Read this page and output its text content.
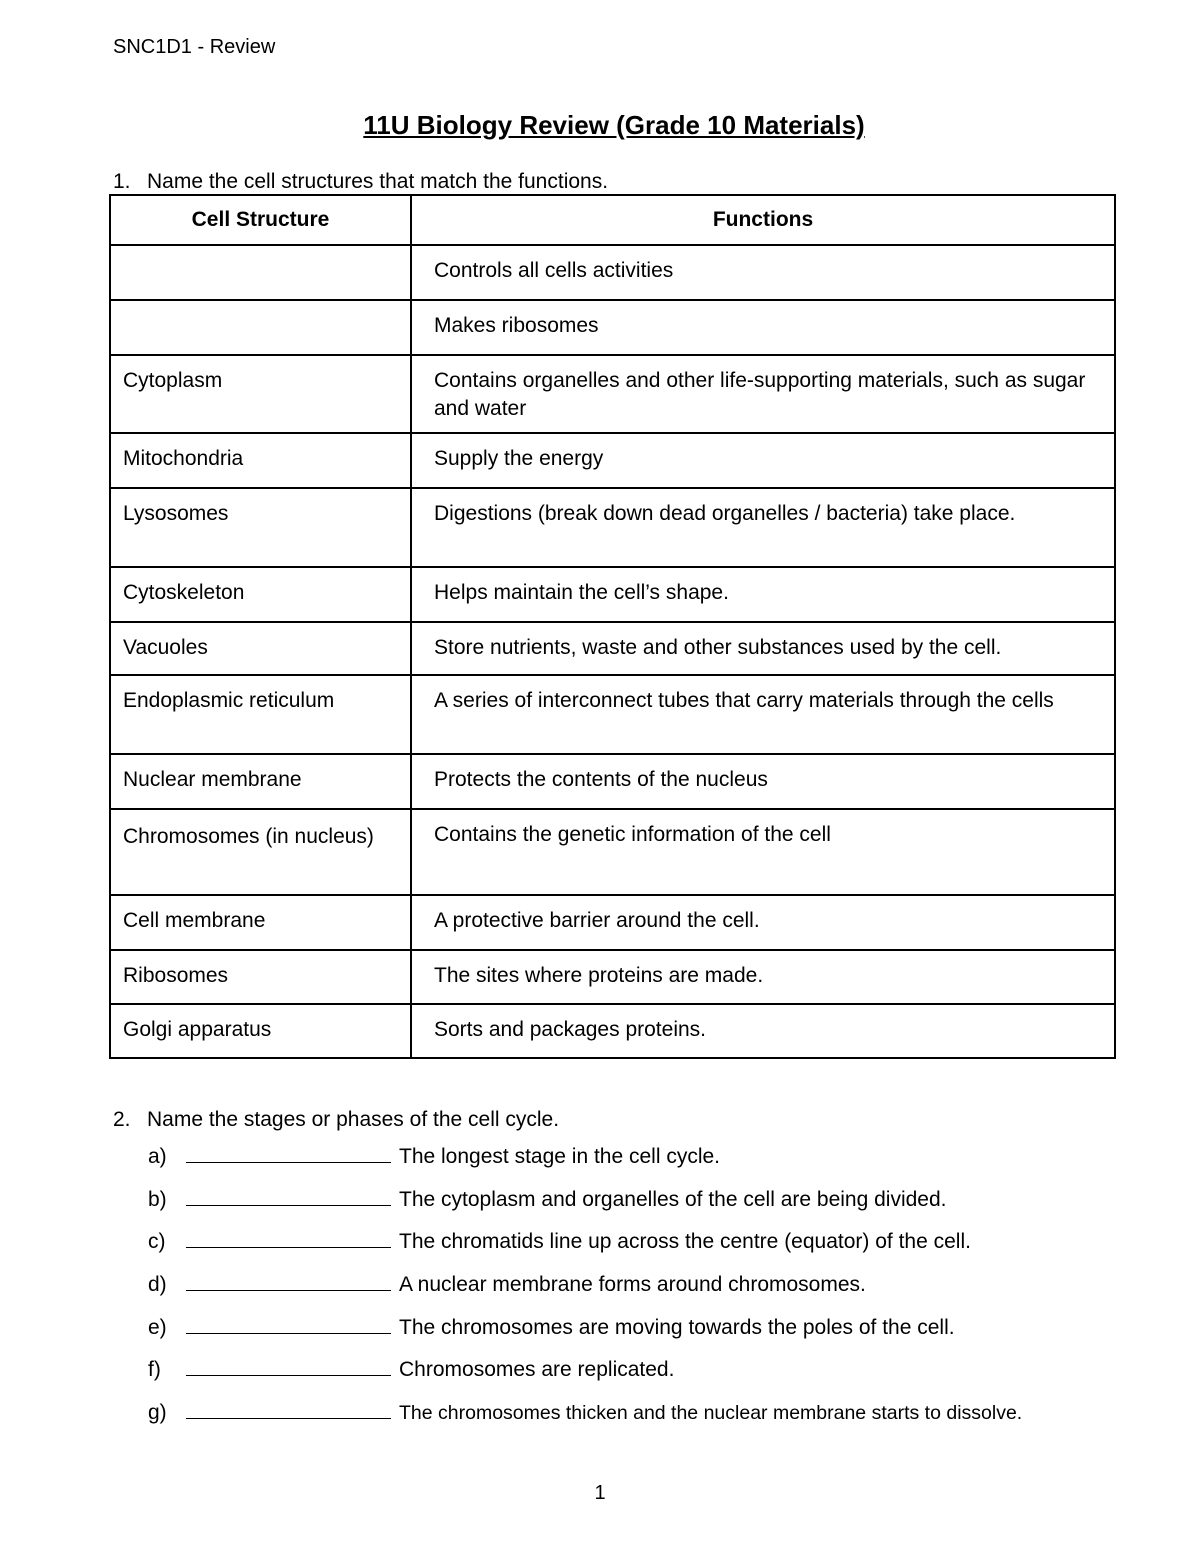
SNC1D1 - Review
11U Biology Review (Grade 10 Materials)
1. Name the cell structures that match the functions.
Cell Structure	Functions
	Controls all cells activities
	Makes ribosomes
Cytoplasm	Contains organelles and other life-supporting materials, such as sugar and water
Mitochondria	Supply the energy
Lysosomes	Digestions (break down dead organelles / bacteria) take place.
Cytoskeleton	Helps maintain the cell’s shape.
Vacuoles	Store nutrients, waste and other substances used by the cell.
Endoplasmic reticulum	A series of interconnect tubes that carry materials through the cells
Nuclear membrane	Protects the contents of the nucleus
Chromosomes (in nucleus)	Contains the genetic information of the cell
Cell membrane	A protective barrier around the cell.
Ribosomes	The sites where proteins are made.
Golgi apparatus	Sorts and packages proteins.
2. Name the stages or phases of the cell cycle.
a)	The longest stage in the cell cycle.
b)	The cytoplasm and organelles of the cell are being divided.
c)	The chromatids line up across the centre (equator) of the cell.
d)	A nuclear membrane forms around chromosomes.
e)	The chromosomes are moving towards the poles of the cell.
f)	Chromosomes are replicated.
g)	The chromosomes thicken and the nuclear membrane starts to dissolve.
1
